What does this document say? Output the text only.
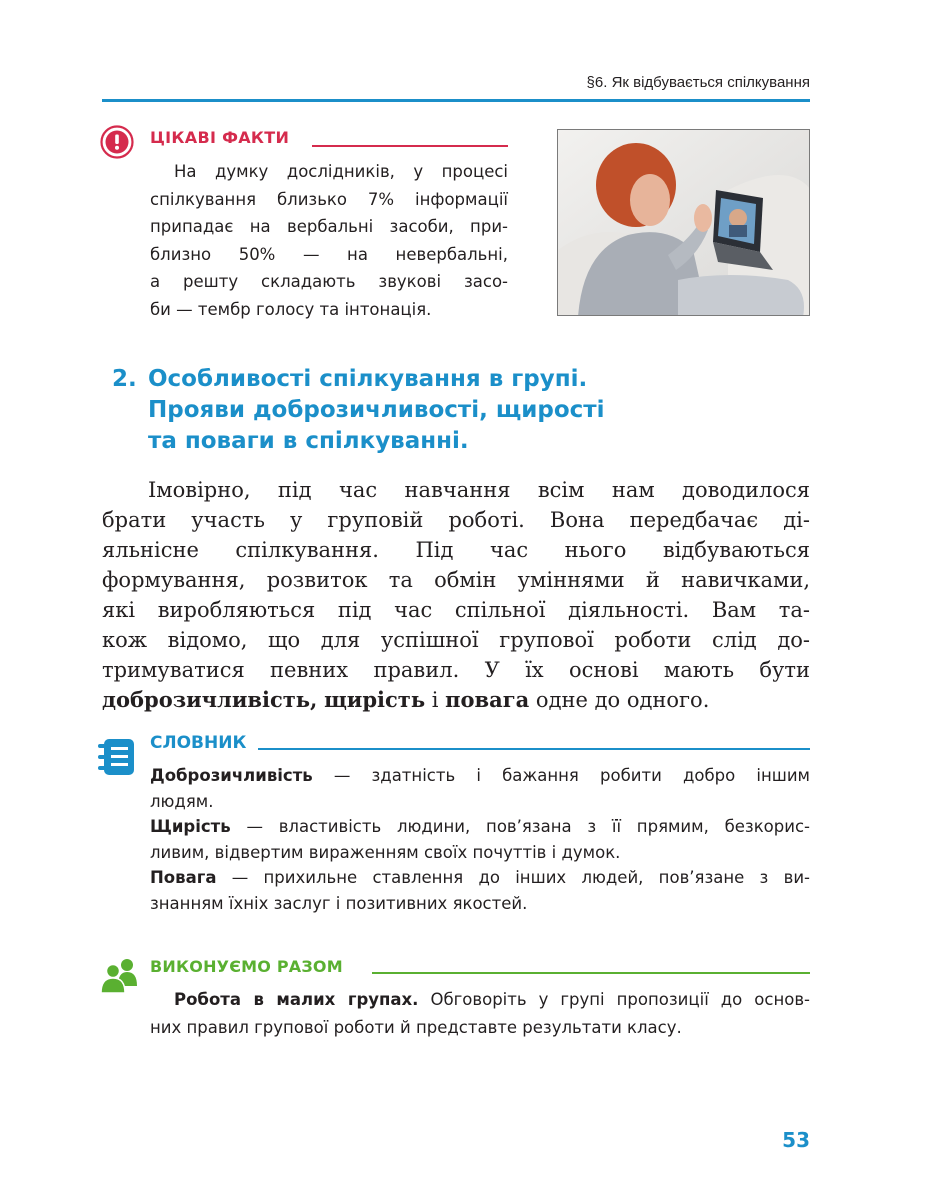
§6. Як відбувається спілкування
ЦІКАВІ ФАКТИ
На думку дослідників, у процесі
спілкування близько 7% інформації
припадає на вербальні засоби, при-
близно 50% — на невербальні,
а решту складають звукові засо-
би — тембр голосу та інтонація.
2. Особливості спілкування в групі.
Прояви доброзичливості, щирості
та поваги в спілкуванні.
Імовірно, під час навчання всім нам доводилося
брати участь у груповій роботі. Вона передбачає ді-
яльнісне спілкування. Під час нього відбуваються
формування, розвиток та обмін уміннями й навичками,
які виробляються під час спільної діяльності. Вам та-
кож відомо, що для успішної групової роботи слід до-
тримуватися певних правил. У їх основі мають бути
доброзичливість, щирість і повага одне до одного.
СЛОВНИК
Доброзичливість — здатність і бажання робити добро іншим
людям.
Щирість — властивість людини, пов’язана з її прямим, безкорис-
ливим, відвертим вираженням своїх почуттів і думок.
Повага — прихильне ставлення до інших людей, пов’язане з ви-
знанням їхніх заслуг і позитивних якостей.
ВИКОНУЄМО РАЗОМ
Робота в малих групах. Обговоріть у групі пропозиції до основ-
них правил групової роботи й представте результати класу.
53
